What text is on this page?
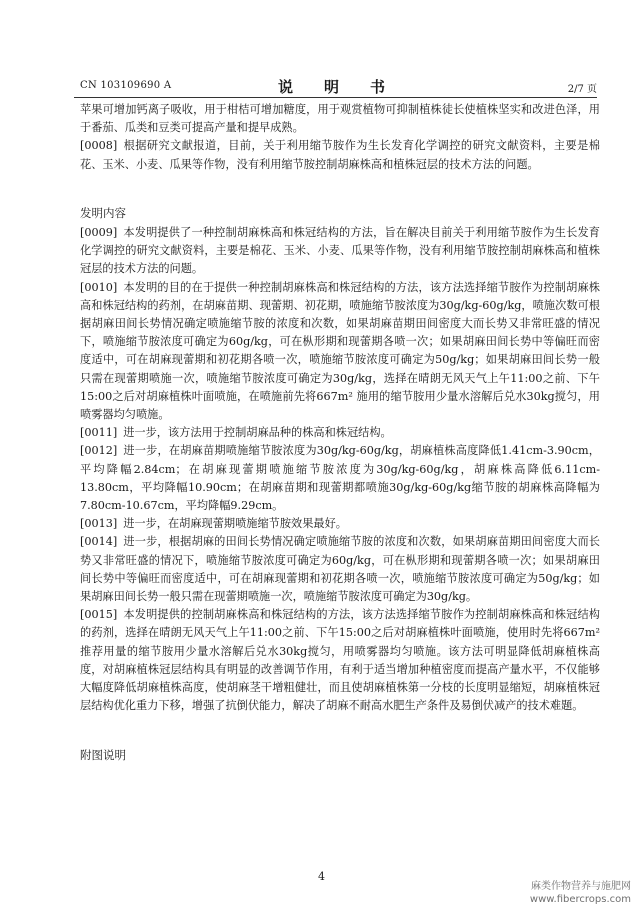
CN 103109690 A	说　明　书	2/7 页

苹果可增加钙离子吸收，用于柑桔可增加糖度，用于观赏植物可抑制植株徒长使植株坚实和改进色泽，用于番茄、瓜类和豆类可提高产量和提早成熟。

[0008] 根据研究文献报道，目前，关于利用缩节胺作为生长发育化学调控的研究文献资料，主要是棉花、玉米、小麦、瓜果等作物，没有利用缩节胺控制胡麻株高和植株冠层的技术方法的问题。

发明内容

[0009] 本发明提供了一种控制胡麻株高和株冠结构的方法，旨在解决目前关于利用缩节胺作为生长发育化学调控的研究文献资料，主要是棉花、玉米、小麦、瓜果等作物，没有利用缩节胺控制胡麻株高和植株冠层的技术方法的问题。

[0010] 本发明的目的在于提供一种控制胡麻株高和株冠结构的方法，该方法选择缩节胺作为控制胡麻株高和株冠结构的药剂，在胡麻苗期、现蕾期、初花期，喷施缩节胺浓度为30g/kg-60g/kg，喷施次数可根据胡麻田间长势情况确定喷施缩节胺的浓度和次数，如果胡麻苗期田间密度大而长势又非常旺盛的情况下，喷施缩节胺浓度可确定为60g/kg，可在枞形期和现蕾期各喷一次；如果胡麻田间长势中等偏旺而密度适中，可在胡麻现蕾期和初花期各喷一次，喷施缩节胺浓度可确定为50g/kg；如果胡麻田间长势一般只需在现蕾期喷施一次，喷施缩节胺浓度可确定为30g/kg，选择在晴朗无风天气上午11:00之前、下午15:00之后对胡麻植株叶面喷施，在喷施前先将667m² 施用的缩节胺用少量水溶解后兑水30kg搅匀，用喷雾器均匀喷施。

[0011] 进一步，该方法用于控制胡麻品种的株高和株冠结构。

[0012] 进一步，在胡麻苗期喷施缩节胺浓度为30g/kg-60g/kg，胡麻植株高度降低1.41cm-3.90cm，平均降幅2.84cm；在胡麻现蕾期喷施缩节胺浓度为30g/kg-60g/kg，胡麻株高降低6.11cm-13.80cm，平均降幅10.90cm；在胡麻苗期和现蕾期都喷施30g/kg-60g/kg缩节胺的胡麻株高降幅为7.80cm-10.67cm，平均降幅9.29cm。

[0013] 进一步，在胡麻现蕾期喷施缩节胺效果最好。

[0014] 进一步，根据胡麻的田间长势情况确定喷施缩节胺的浓度和次数，如果胡麻苗期田间密度大而长势又非常旺盛的情况下，喷施缩节胺浓度可确定为60g/kg，可在枞形期和现蕾期各喷一次；如果胡麻田间长势中等偏旺而密度适中，可在胡麻现蕾期和初花期各喷一次，喷施缩节胺浓度可确定为50g/kg；如果胡麻田间长势一般只需在现蕾期喷施一次，喷施缩节胺浓度可确定为30g/kg。

[0015] 本发明提供的控制胡麻株高和株冠结构的方法，该方法选择缩节胺作为控制胡麻株高和株冠结构的药剂，选择在晴朗无风天气上午11:00之前、下午15:00之后对胡麻植株叶面喷施，使用时先将667m² 推荐用量的缩节胺用少量水溶解后兑水30kg搅匀，用喷雾器均匀喷施。该方法可明显降低胡麻植株高度，对胡麻植株冠层结构具有明显的改善调节作用，有利于适当增加种植密度而提高产量水平，不仅能够大幅度降低胡麻植株高度，使胡麻茎干增粗健壮，而且使胡麻植株第一分枝的长度明显缩短，胡麻植株冠层结构优化重力下移，增强了抗倒伏能力，解决了胡麻不耐高水肥生产条件及易倒伏减产的技术难题。

附图说明

4
麻类作物营养与施肥网
www.fibercrops.com
